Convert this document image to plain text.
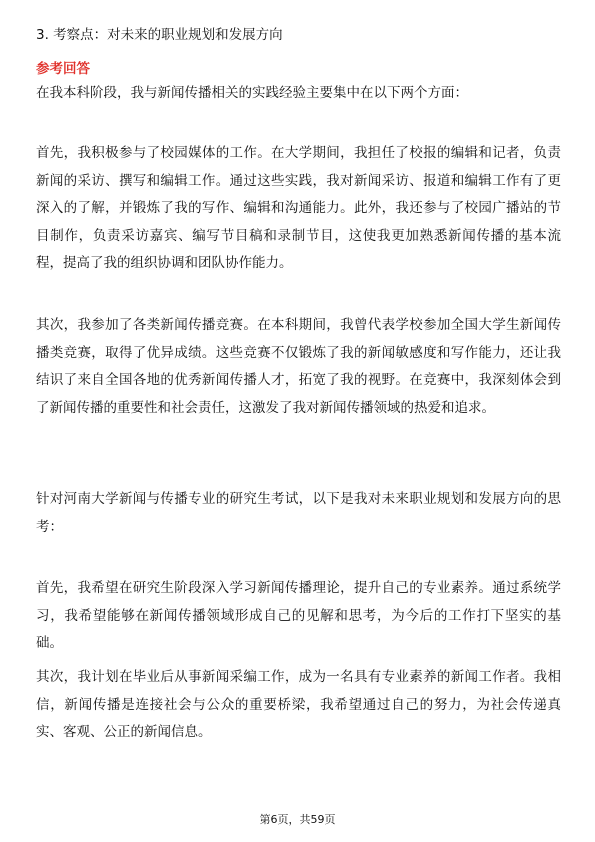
3. 考察点：对未来的职业规划和发展方向
参考回答

在我本科阶段，我与新闻传播相关的实践经验主要集中在以下两个方面：

首先，我积极参与了校园媒体的工作。在大学期间，我担任了校报的编辑和记者，负责新闻的采访、撰写和编辑工作。通过这些实践，我对新闻采访、报道和编辑工作有了更深入的了解，并锻炼了我的写作、编辑和沟通能力。此外，我还参与了校园广播站的节目制作，负责采访嘉宾、编写节目稿和录制节目，这使我更加熟悉新闻传播的基本流程，提高了我的组织协调和团队协作能力。

其次，我参加了各类新闻传播竞赛。在本科期间，我曾代表学校参加全国大学生新闻传播类竞赛，取得了优异成绩。这些竞赛不仅锻炼了我的新闻敏感度和写作能力，还让我结识了来自全国各地的优秀新闻传播人才，拓宽了我的视野。在竞赛中，我深刻体会到了新闻传播的重要性和社会责任，这激发了我对新闻传播领域的热爱和追求。

针对河南大学新闻与传播专业的研究生考试，以下是我对未来职业规划和发展方向的思考：

首先，我希望在研究生阶段深入学习新闻传播理论，提升自己的专业素养。通过系统学习，我希望能够在新闻传播领域形成自己的见解和思考，为今后的工作打下坚实的基础。

其次，我计划在毕业后从事新闻采编工作，成为一名具有专业素养的新闻工作者。我相信，新闻传播是连接社会与公众的重要桥梁，我希望通过自己的努力，为社会传递真实、客观、公正的新闻信息。

第6页，共59页
